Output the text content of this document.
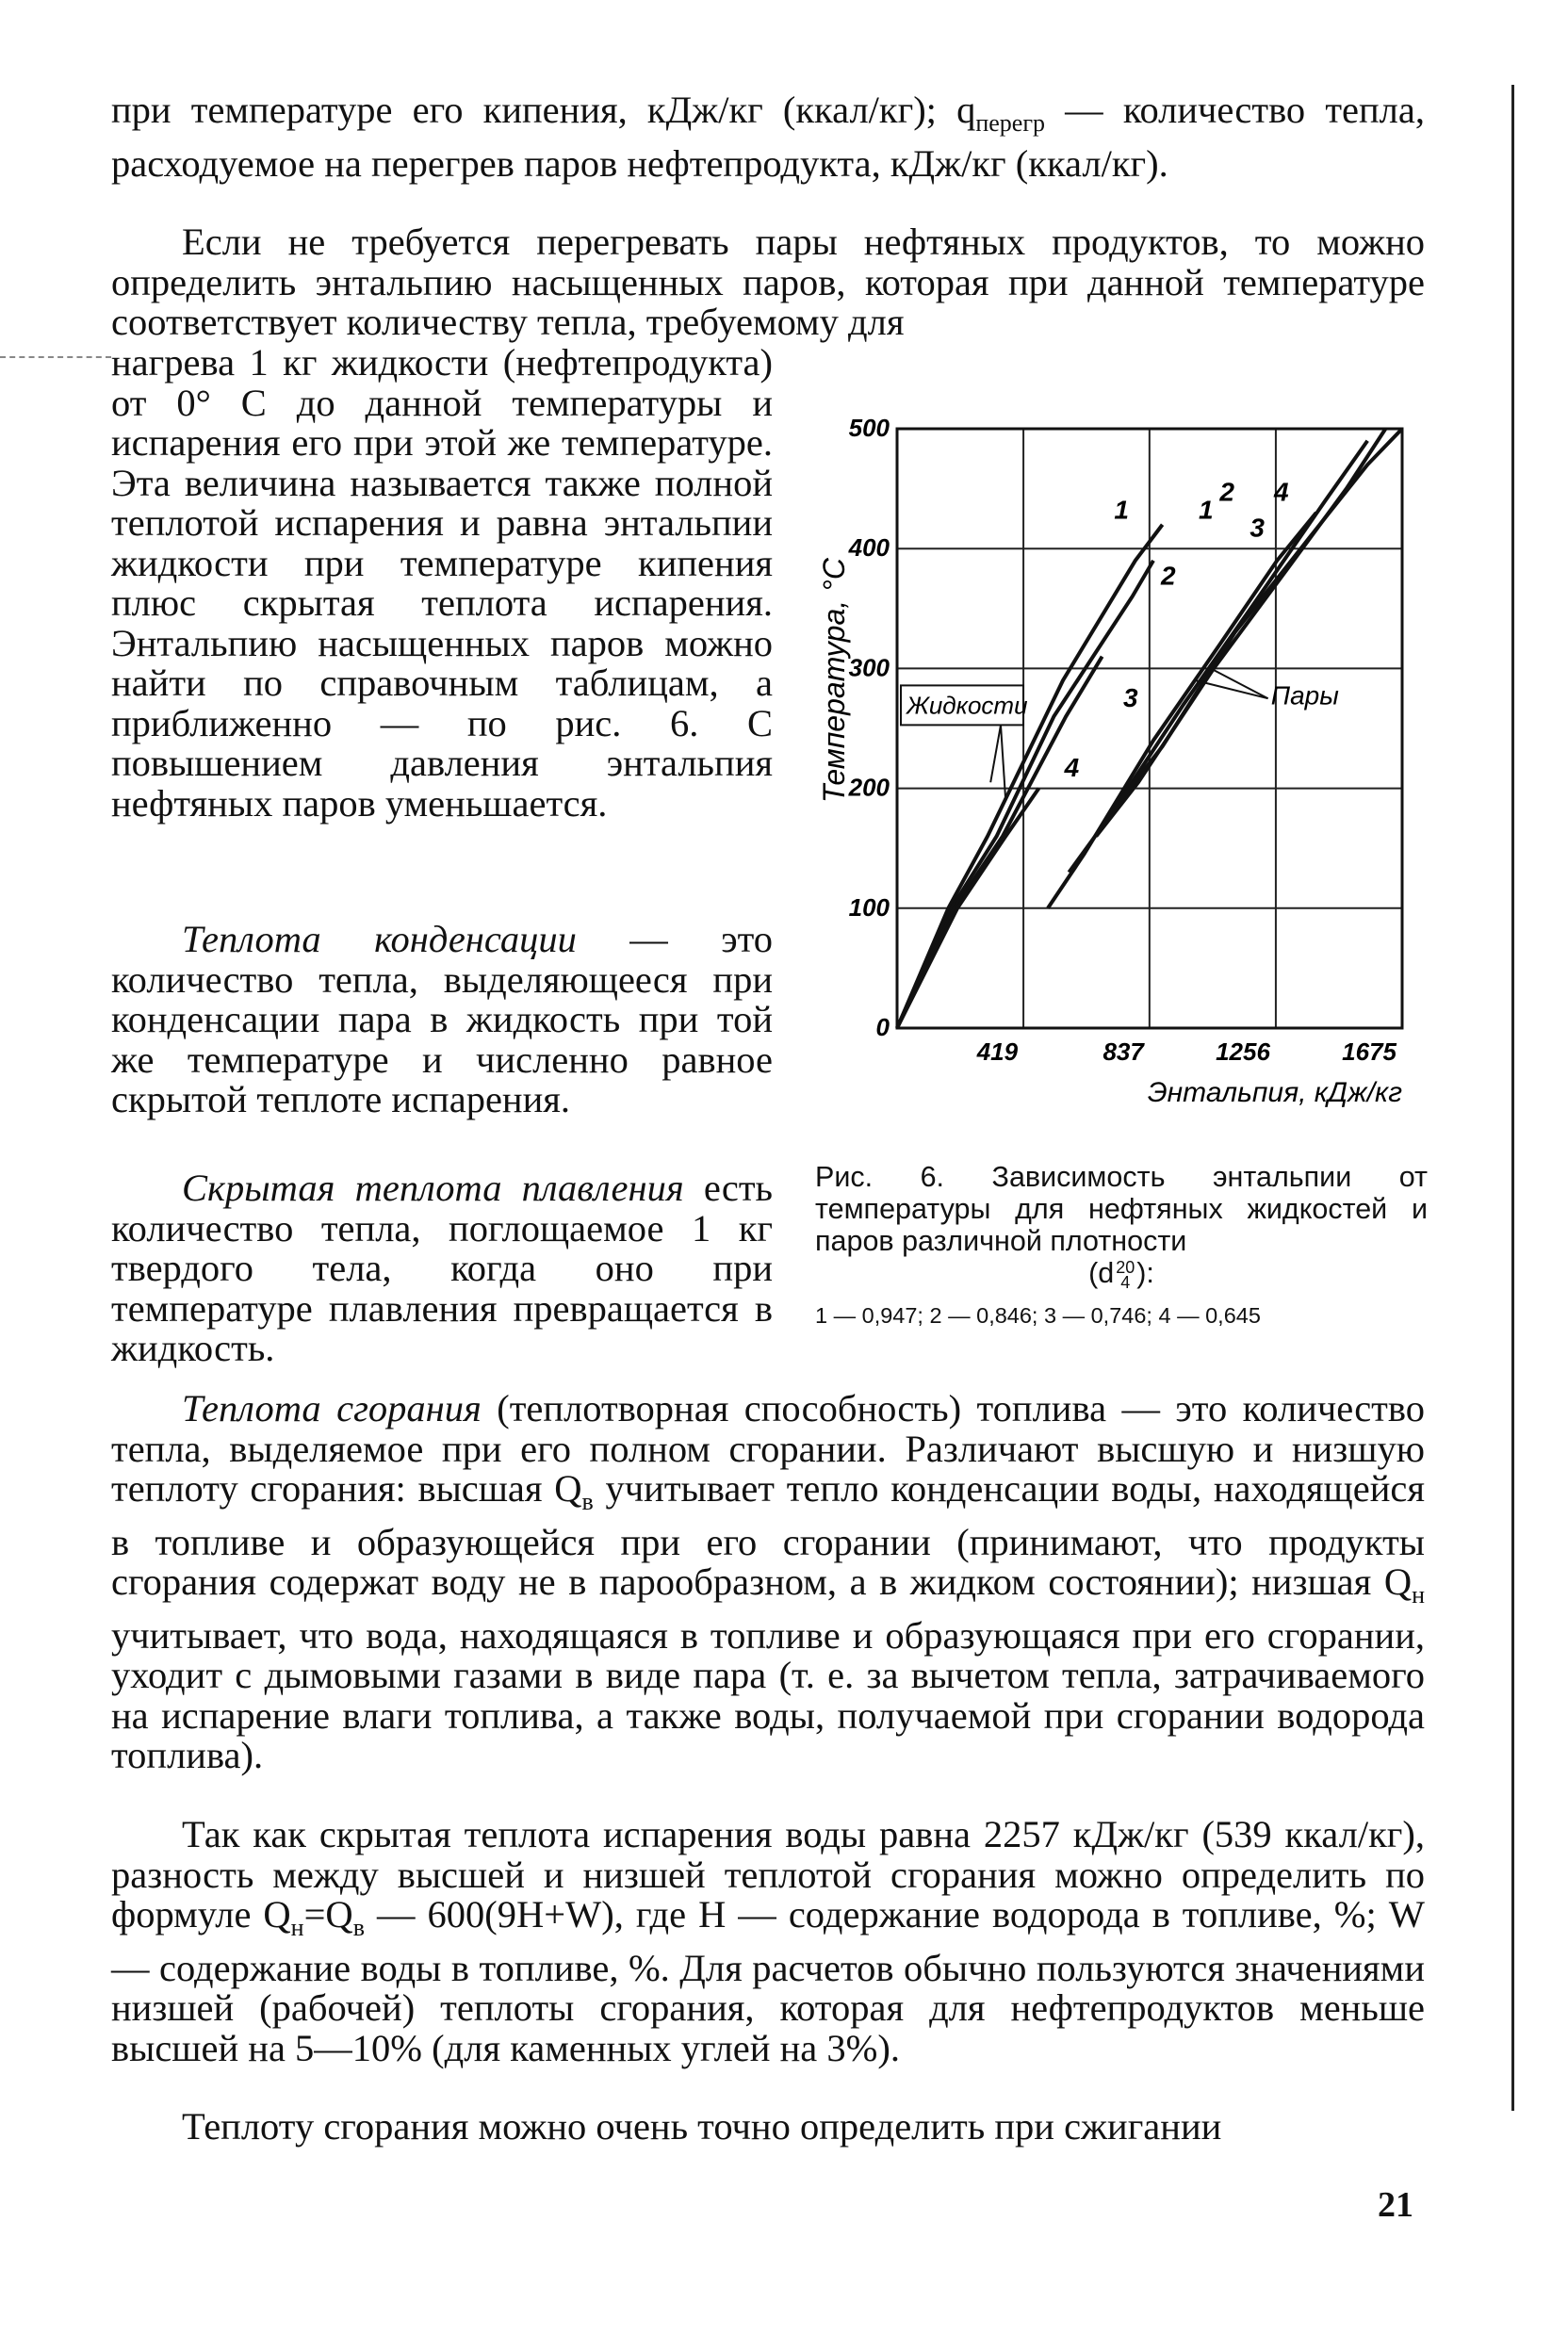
при температуре его кипения, кДж/кг (ккал/кг); $q_{перегр}$ — количество тепла, расходуемое на перегрев паров нефтепродукта, кДж/кг (ккал/кг).

Если не требуется перегревать пары нефтяных продуктов, то можно определить энтальпию насыщенных паров, которая при данной температуре соответствует количеству тепла, требуемому для

нагрева 1 кг жидкости (нефтепродукта) от 0° С до данной температуры и испарения его при этой же температуре. Эта величина называется также полной теплотой испарения и равна энтальпии жидкости при температуре кипения плюс скрытая теплота испарения. Энтальпию насыщенных паров можно найти по справочным таблицам, а приближенно — по рис. 6. С повышением давления энтальпия нефтяных паров уменьшается.

Теплота конденсации — это количество тепла, выделяющееся при конденсации пара в жидкость при той же температуре и численно равное скрытой теплоте испарения.

Скрытая теплота плавления есть количество тепла, поглощаемое 1 кг твердого тела, когда оно при температуре плавления превращается в жидкость.

Теплота сгорания (теплотворная способность) топлива — это количество тепла, выделяемое при его полном сгорании. Различают высшую и низшую теплоту сгорания: высшая $Q_в$ учитывает тепло конденсации воды, находящейся в топливе и образующейся при его сгорании (принимают, что продукты сгорания содержат воду не в парообразном, а в жидком состоянии); низшая $Q_н$ учитывает, что вода, находящаяся в топливе и образующаяся при его сгорании, уходит с дымовыми газами в виде пара (т. е. за вычетом тепла, затрачиваемого на испарение влаги топлива, а также воды, получаемой при сгорании водорода топлива).

Так как скрытая теплота испарения воды равна 2257 кДж/кг (539 ккал/кг), разность между высшей и низшей теплотой сгорания можно определить по формуле $Q_н=Q_в$ — 600(9H+W), где H — содержание водорода в топливе, %; W — содержание воды в топливе, %. Для расчетов обычно пользуются значениями низшей (рабочей) теплоты сгорания, которая для нефтепродуктов меньше высшей на 5—10% (для каменных углей на 3%).

Теплоту сгорания можно очень точно определить при сжигании

0
100
200
300
400
500
419	837	1256	1675
Энтальпия, кДж/кг
Температура, °C Жидкости	Пары
1
2
3
4
1
2
3
4
Рис. 6. Зависимость энтальпии от температуры для нефтяных жидкостей и паров различной плотности
(d 20
4 ):
1 — 0,947; 2 — 0,846; 3 — 0,746; 4 — 0,645
21
